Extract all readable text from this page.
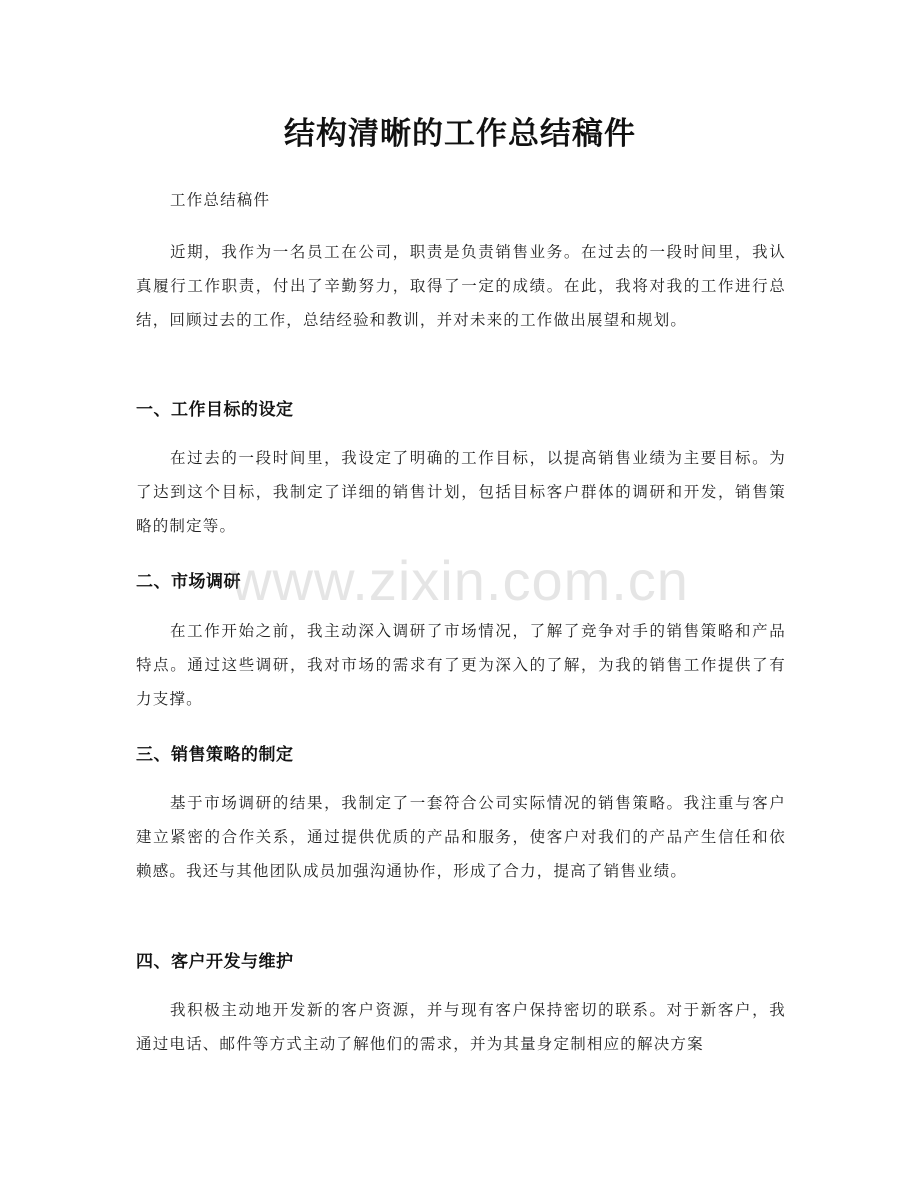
结构清晰的工作总结稿件
工作总结稿件
近期，我作为一名员工在公司，职责是负责销售业务。在过去的一段时间里，我认真履行工作职责，付出了辛勤努力，取得了一定的成绩。在此，我将对我的工作进行总结，回顾过去的工作，总结经验和教训，并对未来的工作做出展望和规划。
一、工作目标的设定
在过去的一段时间里，我设定了明确的工作目标，以提高销售业绩为主要目标。为了达到这个目标，我制定了详细的销售计划，包括目标客户群体的调研和开发，销售策略的制定等。
二、市场调研
在工作开始之前，我主动深入调研了市场情况，了解了竞争对手的销售策略和产品特点。通过这些调研，我对市场的需求有了更为深入的了解，为我的销售工作提供了有力支撑。
三、销售策略的制定
基于市场调研的结果，我制定了一套符合公司实际情况的销售策略。我注重与客户建立紧密的合作关系，通过提供优质的产品和服务，使客户对我们的产品产生信任和依赖感。我还与其他团队成员加强沟通协作，形成了合力，提高了销售业绩。
四、客户开发与维护
我积极主动地开发新的客户资源，并与现有客户保持密切的联系。对于新客户，我通过电话、邮件等方式主动了解他们的需求，并为其量身定制相应的解决方案
www.zixin.com.cn
